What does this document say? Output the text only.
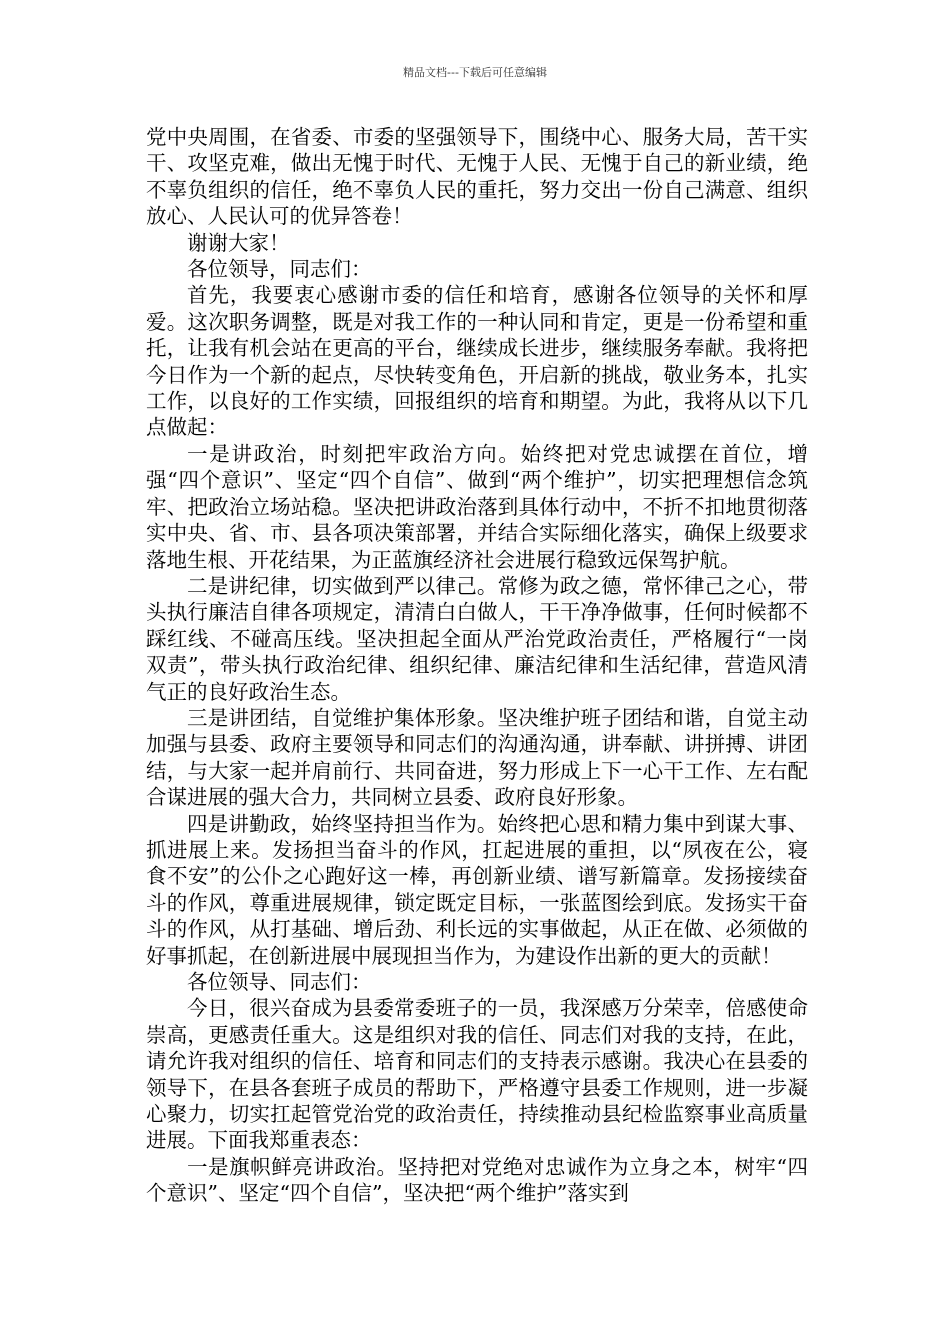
精品文档---下载后可任意编辑

党中央周围，在省委、市委的坚强领导下，围绕中心、服务大局，苦干实干、攻坚克难，做出无愧于时代、无愧于人民、无愧于自己的新业绩，绝不辜负组织的信任，绝不辜负人民的重托，努力交出一份自己满意、组织放心、人民认可的优异答卷！

谢谢大家！

各位领导，同志们：

首先，我要衷心感谢市委的信任和培育，感谢各位领导的关怀和厚爱。这次职务调整，既是对我工作的一种认同和肯定，更是一份希望和重托，让我有机会站在更高的平台，继续成长进步，继续服务奉献。我将把今日作为一个新的起点，尽快转变角色，开启新的挑战，敬业务本，扎实工作，以良好的工作实绩，回报组织的培育和期望。为此，我将从以下几点做起：

一是讲政治，时刻把牢政治方向。始终把对党忠诚摆在首位，增强“四个意识”、坚定“四个自信”、做到“两个维护”，切实把理想信念筑牢、把政治立场站稳。坚决把讲政治落到具体行动中，不折不扣地贯彻落实中央、省、市、县各项决策部署，并结合实际细化落实，确保上级要求落地生根、开花结果，为正蓝旗经济社会进展行稳致远保驾护航。

二是讲纪律，切实做到严以律己。常修为政之德，常怀律己之心，带头执行廉洁自律各项规定，清清白白做人，干干净净做事，任何时候都不踩红线、不碰高压线。坚决担起全面从严治党政治责任，严格履行“一岗双责”，带头执行政治纪律、组织纪律、廉洁纪律和生活纪律，营造风清气正的良好政治生态。

三是讲团结，自觉维护集体形象。坚决维护班子团结和谐，自觉主动加强与县委、政府主要领导和同志们的沟通沟通，讲奉献、讲拼搏、讲团结，与大家一起并肩前行、共同奋进，努力形成上下一心干工作、左右配合谋进展的强大合力，共同树立县委、政府良好形象。

四是讲勤政，始终坚持担当作为。始终把心思和精力集中到谋大事、抓进展上来。发扬担当奋斗的作风，扛起进展的重担，以“夙夜在公，寝食不安”的公仆之心跑好这一棒，再创新业绩、谱写新篇章。发扬接续奋斗的作风，尊重进展规律，锁定既定目标，一张蓝图绘到底。发扬实干奋斗的作风，从打基础、增后劲、利长远的实事做起，从正在做、必须做的好事抓起，在创新进展中展现担当作为，为建设作出新的更大的贡献！

各位领导、同志们：

今日，很兴奋成为县委常委班子的一员，我深感万分荣幸，倍感使命崇高，更感责任重大。这是组织对我的信任、同志们对我的支持，在此，请允许我对组织的信任、培育和同志们的支持表示感谢。我决心在县委的领导下，在县各套班子成员的帮助下，严格遵守县委工作规则，进一步凝心聚力，切实扛起管党治党的政治责任，持续推动县纪检监察事业高质量进展。下面我郑重表态：

一是旗帜鲜亮讲政治。坚持把对党绝对忠诚作为立身之本，树牢“四个意识”、坚定“四个自信”，坚决把“两个维护”落实到
